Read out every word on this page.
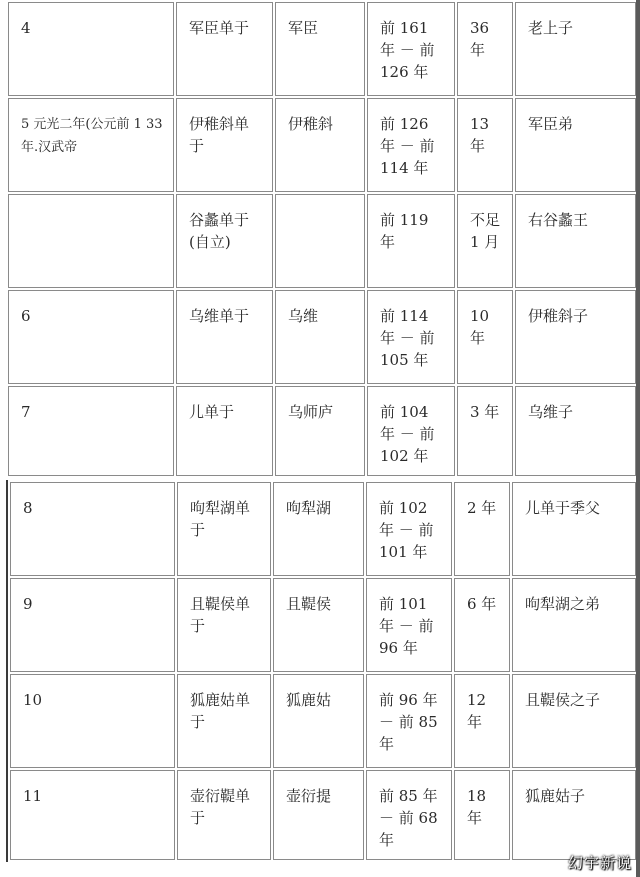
4	军臣单于	军臣	前 161 年 － 前 126 年	36 年	老上子
5 元光二年(公元前 1 33 年.汉武帝	伊稚斜单于	伊稚斜	前 126 年 － 前 114 年	13 年	军臣弟
	谷蠡单于(自立)		前 119 年	不足 1 月	右谷蠡王
6	乌维单于	乌维	前 114 年 － 前 105 年	10 年	伊稚斜子
7	儿单于	乌师庐	前 104 年 － 前 102 年	3 年	乌维子
8	呴犁湖单于	呴犁湖	前 102 年 － 前 101 年	2 年	儿单于季父
9	且鞮侯单于	且鞮侯	前 101 年 － 前 96 年	6 年	呴犁湖之弟
10	狐鹿姑单于	狐鹿姑	前 96 年 － 前 85 年	12 年	且鞮侯之子
11	壶衍鞮单于	壶衍提	前 85 年 － 前 68 年	18 年	狐鹿姑子
幻宇新说
